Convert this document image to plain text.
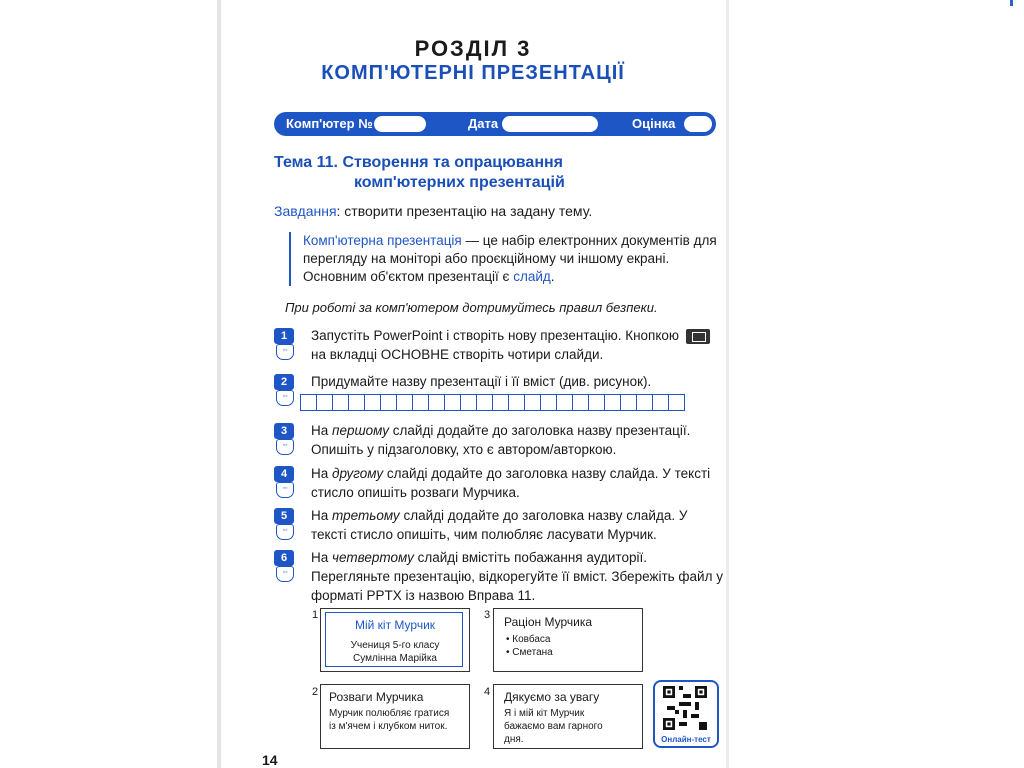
РОЗДІЛ 3
КОМП'ЮТЕРНІ ПРЕЗЕНТАЦІЇ
Комп'ютер №	Дата	Оцінка
Тема 11. Створення та опрацювання
комп'ютерних презентацій
Завдання: створити презентацію на задану тему.
Комп'ютерна презентація — це набір електронних документів для перегляду на моніторі або проєкційному чи іншому екрані. Основним об'єктом презентації є слайд.
При роботі за комп'ютером дотримуйтесь правил безпеки.
1
◦◦
Запустіть PowerPoint і створіть нову презентацію. Кнопкою на вкладці ОСНОВНЕ створіть чотири слайди.
2
◦◦
Придумайте назву презентації і її вміст (див. рисунок).
3
◦◦
На першому слайді додайте до заголовка назву презентації. Опишіть у підзаголовку, хто є автором/авторкою.
4
◦◦
На другому слайді додайте до заголовка назву слайда. У тексті стисло опишіть розваги Мурчика.
5
◦◦
На третьому слайді додайте до заголовка назву слайда. У тексті стисло опишіть, чим полюбляє ласувати Мурчик.
6
◦◦
На четвертому слайді вмістіть побажання аудиторії. Перегляньте презентацію, відкорегуйте її вміст. Збережіть файл у форматі PPTX із назвою Вправа 11.
1
Мій кіт Мурчик
Учениця 5-го класу
Сумлінна Марійка
3 Раціон Мурчика
• Ковбаса
• Сметана
2 Розваги Мурчика
Мурчик полюбляє гратися
із м'ячем і клубком ниток.
4 Дякуємо за увагу
Я і мій кіт Мурчик
бажаємо вам гарного
дня.	Онлайн-тест
14
